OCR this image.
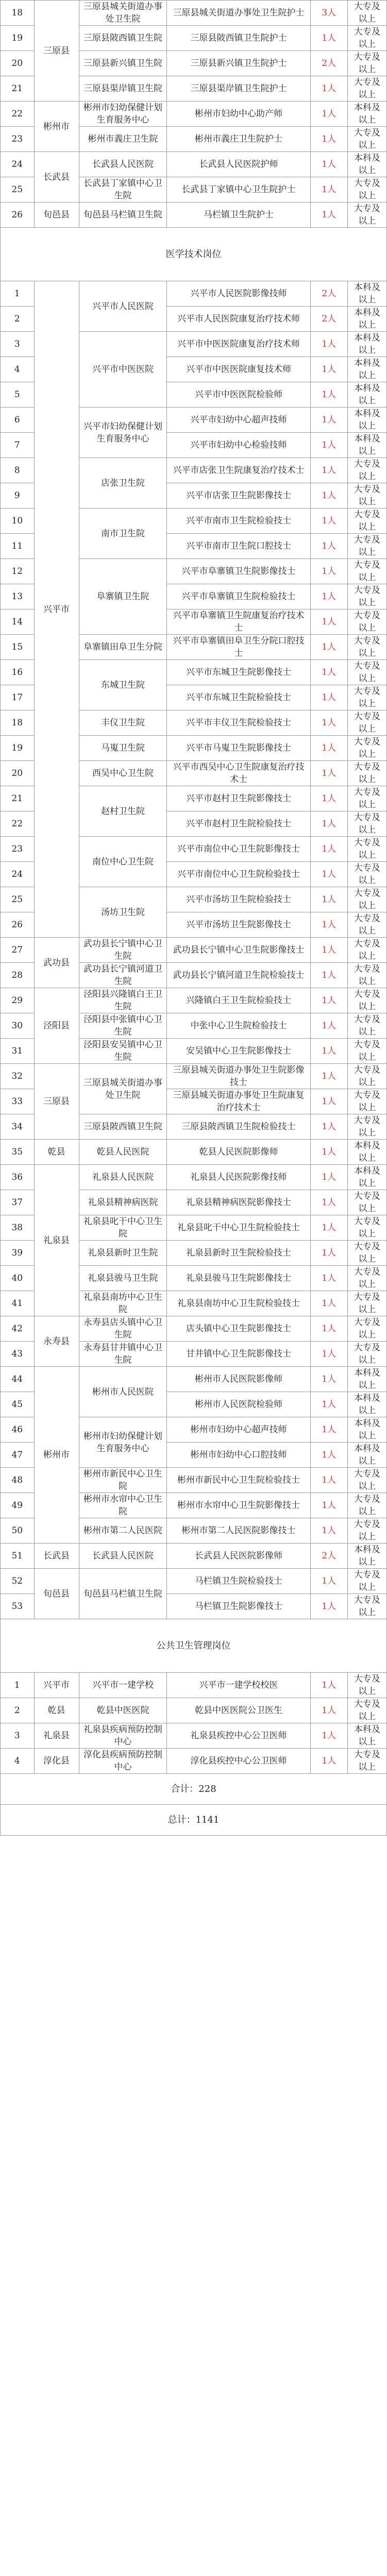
18	三原县	三原县城关街道办事处卫生院	三原县城关街道办事处卫生院护士	3人	大专及以上
19		三原县陂西镇卫生院	三原县陂西镇卫生院护士	1人	大专及以上
20		三原县新兴镇卫生院	三原县新兴镇卫生院护士	2人	大专及以上
21		三原县渠岸镇卫生院	三原县渠岸镇卫生院护士	1人	大专及以上
22	彬州市	彬州市妇幼保健计划生育服务中心	彬州市妇幼中心助产师	1人	本科及以上
23		彬州市義庄卫生院	彬州市義庄卫生院护士	1人	大专及以上
24	长武县	长武县人民医院	长武县人民医院护师	1人	本科及以上
25		长武县丁家镇中心卫生院	长武县丁家镇中心卫生院护士	1人	大专及以上
26	旬邑县	旬邑县马栏镇卫生院	马栏镇卫生院护士	1人	大专及以上
医学技术岗位					
1	兴平市	兴平市人民医院	兴平市人民医院影像技师	2人	本科及以上
2			兴平市人民医院康复治疗技术师	2人	本科及以上
3		兴平市中医医院	兴平市中医医院康复治疗技术师	1人	本科及以上
4			兴平市中医医院康复技术师	1人	本科及以上
5			兴平市中医医院检验师	1人	本科及以上
6		兴平市妇幼保健计划生育服务中心	兴平市妇幼中心超声技师	1人	本科及以上
7			兴平市妇幼中心检验技师	1人	本科及以上
8		店张卫生院	兴平市店张卫生院康复治疗技术士	1人	大专及以上
9			兴平市店张卫生院影像技士	1人	大专及以上
10		南市卫生院	兴平市南市卫生院检验技士	1人	大专及以上
11			兴平市南市卫生院口腔技士	1人	大专及以上
12		阜寨镇卫生院	兴平市阜寨镇卫生院影像技士	1人	大专及以上
13			兴平市阜寨镇卫生院检验技士	1人	大专及以上
14			兴平市阜寨镇卫生院康复治疗技术士	1人	大专及以上
15		阜寨镇田阜卫生分院	兴平市阜寨镇田阜卫生分院口腔技士	1人	大专及以上
16		东城卫生院	兴平市东城卫生院影像技士	1人	大专及以上
17			兴平市东城卫生院检验技士	1人	大专及以上
18		丰仪卫生院	兴平市丰仪卫生院检验技士	1人	大专及以上
19		马嵬卫生院	兴平市马嵬卫生院影像技士	1人	大专及以上
20		西吴中心卫生院	兴平市西吴中心卫生院康复治疗技术士	1人	大专及以上
21		赵村卫生院	兴平市赵村卫生院影像技士	1人	大专及以上
22			兴平市赵村卫生院检验技士	1人	大专及以上
23		南位中心卫生院	兴平市南位中心卫生院影像技士	1人	大专及以上
24			兴平市南位中心卫生院检验技士	1人	大专及以上
25		汤坊卫生院	兴平市汤坊卫生院检验技士	1人	大专及以上
26			兴平市汤坊卫生院影像技士	1人	大专及以上
27	武功县	武功县长宁镇中心卫生院	武功县长宁镇中心卫生院影像技士	1人	大专及以上
28		武功县长宁镇河道卫生院	武功县长宁镇河道卫生院检验技士	1人	大专及以上
29	泾阳县	泾阳县兴隆镇白王卫生院	兴隆镇白王卫生院检验技士	1人	大专及以上
30		泾阳县中张镇中心卫生院	中张中心卫生院检验技士	1人	大专及以上
31		泾阳县安吴镇中心卫生院	安吴镇中心卫生院影像技士	1人	大专及以上
32	三原县	三原县城关街道办事处卫生院	三原县城关街道办事处卫生院影像技士	1人	大专及以上
33			三原县城关街道办事处卫生院康复治疗技术士	1人	大专及以上
34		三原县陂西镇卫生院	三原县陂西镇卫生院检验技士	1人	大专及以上
35	乾县	乾县人民医院	乾县人民医院影像师	1人	本科及以上
36	礼泉县	礼泉县人民医院	礼泉县人民医院影像技师	1人	本科及以上
37		礼泉县精神病医院	礼泉县精神病医院影像技士	1人	大专及以上
38		礼泉县叱干中心卫生院	礼泉县叱干中心卫生院检验技士	1人	大专及以上
39		礼泉县新时卫生院	礼泉县新时卫生院检验技士	1人	大专及以上
40		礼泉县骏马卫生院	礼泉县骏马卫生院影像技士	1人	大专及以上
41		礼泉县南坊中心卫生院	礼泉县南坊中心卫生院检验技士	1人	大专及以上
42	永寿县	永寿县店头镇中心卫生院	店头镇中心卫生院影像技士	1人	大专及以上
43		永寿县甘井镇中心卫生院	甘井镇中心卫生院影像技士	1人	大专及以上
44	彬州市	彬州市人民医院	彬州市人民医院影像师	1人	本科及以上
45			彬州市人民医院检验师	1人	本科及以上
46		彬州市妇幼保健计划生育服务中心	彬州市妇幼中心超声技师	1人	本科及以上
47			彬州市妇幼中心口腔技师	1人	本科及以上
48		彬州市新民中心卫生院	彬州市新民中心卫生院检验技士	1人	大专及以上
49		彬州市水帘中心卫生院	彬州市水帘中心卫生院影像技士	1人	大专及以上
50		彬州市第二人民医院	彬州市第二人民医院影像技士	1人	大专及以上
51	长武县	长武县人民医院	长武县人民医院影像师	2人	本科及以上
52	旬邑县	旬邑县马栏镇卫生院	马栏镇卫生院检验技士	1人	大专及以上
53			马栏镇卫生院影像技士	1人	大专及以上
公共卫生管理岗位					
1	兴平市	兴平市一建学校	兴平市一建学校校医	1人	大专及以上
2	乾县	乾县中医医院	乾县中医医院公卫医生	1人	大专及以上
3	礼泉县	礼泉县疾病预防控制中心	礼泉县疾控中心公卫医师	1人	本科及以上
4	淳化县	淳化县疾病预防控制中心	淳化县疾控中心公卫医师	1人	大专及以上
合计：228					
总计：1141					
